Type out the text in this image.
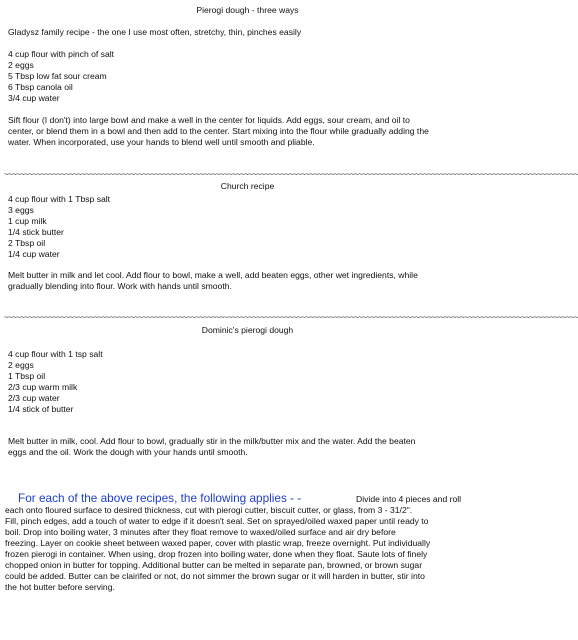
Pierogi dough - three ways
Gladysz family recipe - the one I use most often, stretchy, thin, pinches easily
4 cup flour with pinch of salt
2 eggs
5 Tbsp low fat sour cream
6 Tbsp canola oil
3/4 cup water
Sift flour (I don't) into large bowl and make a well in the center for liquids. Add eggs, sour cream, and oil to
center, or blend them in a bowl and then add to the center. Start mixing into the flour while gradually adding the
water. When incorporated, use your hands to blend well until smooth and pliable.
~~~~~~~~~~~~~~~~~~~~~~~~~~~~~~~~~~~~~~~~~~~~~~~~~~~~~~~~~~~~~~~~~~~~~~~~~~~~~~~~~~~~~~~~~~~~~~~~~~~~~~~~~~~~~~~~~~~~~~~~~~~~~~~~~~~~~~~~~~~~~
Church recipe
4 cup flour with 1 Tbsp salt
3 eggs
1 cup milk
1/4 stick butter
2 Tbsp oil
1/4 cup water
Melt butter in milk and let cool. Add flour to bowl, make a well, add beaten eggs, other wet ingredients, while
gradually blending into flour. Work with hands until smooth.
~~~~~~~~~~~~~~~~~~~~~~~~~~~~~~~~~~~~~~~~~~~~~~~~~~~~~~~~~~~~~~~~~~~~~~~~~~~~~~~~~~~~~~~~~~~~~~~~~~~~~~~~~~~~~~~~~~~~~~~~~~~~~~~~~~~~~~~~~~~~~
Dominic's pierogi dough
4 cup flour with 1 tsp salt
2 eggs
1 Tbsp oil
2/3 cup warm milk
2/3 cup water
1/4 stick of butter
Melt butter in milk, cool. Add flour to bowl, gradually stir in the milk/butter mix and the water. Add the beaten
eggs and the oil. Work the dough with your hands until smooth.
For each of the above recipes, the following applies - -	Divide into 4 pieces and roll
each onto floured surface to desired thickness, cut with pierogi cutter, biscuit cutter, or glass, from 3 - 31/2".
Fill, pinch edges, add a touch of water to edge if it doesn't seal. Set on sprayed/oiled waxed paper until ready to
boil. Drop into boiling water, 3 minutes after they float remove to waxed/oiled surface and air dry before
freezing. Layer on cookie sheet between waxed paper, cover with plastic wrap, freeze overnight. Put individually
frozen pierogi in container. When using, drop frozen into boiling water, done when they float. Saute lots of finely
chopped onion in butter for topping. Additional butter can be melted in separate pan, browned, or brown sugar
could be added. Butter can be clairifed or not, do not simmer the brown sugar or it will harden in butter, stir into
the hot butter before serving.
